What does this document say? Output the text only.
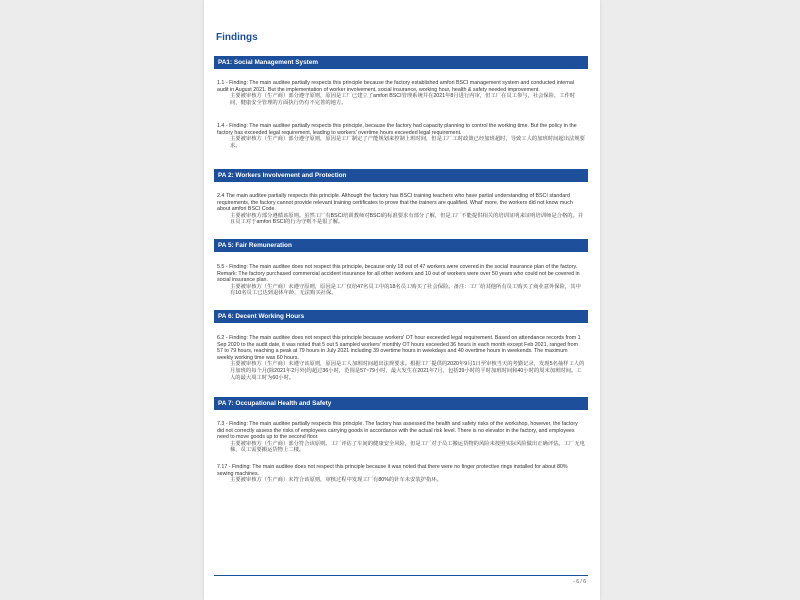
Findings
PA1: Social Management System
1.1 - Finding: The main auditee partially respects this principle because the factory established amfori BSCI management system and conducted internal audit in August 2021. But the implementation of worker involvement, social insurance, working hour, health & safety needed improvement.
主要被审核方（生产商）部分遵守原则，原因是工厂已建立了amfori BSCI管理系统并在2021年8月进行内审，但工厂在员工参与，社会保险，工作时间，健康安全管理的方面执行仍有不完善的地方。
1.4 - Finding: The main auditee partially respects this principle, because the factory had capacity planning to control the working time. But the policy in the factory has exceeded legal requirement, leading to workers' overtime hours exceeded legal requirement.
主要被审核方（生产商）部分遵守原则，原因是工厂制定了产能规划来控制上班时间，但是工厂工时政策已经加班超时，导致工人的加班时间超出法规要求。
PA 2: Workers Involvement and Protection
2.4 The main auditee partially respects this principle. Although the factory has BSCI training teachers who have partial understanding of BSCI standard requirements, the factory cannot provide relevant training certificates to prove that the trainers are qualified. What' more, the workers did not know much about amfori BSCI Code.
主要被审核方部分遵循该原则。虽然工厂有BSCI培训教师对BSCI的标准要求有部分了解，但是工厂不能提供相关的培训证明来证明培训师是合格的。并且员工对于amfori BSCI的行为守则不是很了解。
PA 5: Fair Remuneration
5.5 - Finding: The main auditee does not respect this principle, because only 18 out of 47 workers were covered in the social insurance plan of the factory. Remark: The factory purchased commercial accident insurance for all other workers and 10 out of workers were over 50 years who could not be covered in social insurance plan.
主要被审核方（生产商）未遵守原则，原因是工厂仅给47名员工中的18名员工购买了社会保险。备注：工厂给其他所有员工购买了商业意外保险，其中有10名员工已达到退休年龄，无法购买社保。
PA 6: Decent Working Hours
6.2 - Finding: The main auditee does not respect this principle because workers' OT hour exceeded legal requirement. Based on attendance records from 1 Sep 2020 to the audit date, it was noted that 5 out 5 sampled workers' monthly OT hours exceeded 36 hours in each month except Feb 2021, ranged from 57 to 79 hours, reaching a peak at 79 hours in July 2021 including 39 overtime hours in weekdays and 40 overtime hours in weekends. The maximum weekly working time was 60 hours.
主要被审核方（生产商）未遵守该原则，原因是工人加班时间超出法规要求。根据工厂提供的2020年9月1日至审核当天的考勤记录，发现5名抽样工人的月加班的每个月(除2021年2月外)均超过36小时，范围是57~79小时，最大发生在2021年7月，包括39小时的平时加班时间和40小时的周末加班时间。工人的最大周工时为60小时。
PA 7: Occupational Health and Safety
7.3 - Finding: The main auditee partially respects this principle. The factory has assessed the health and safety risks of the workshop, however, the factory did not correctly assess the risks of employees carrying goods in accordance with the actual risk level. There is no elevator in the factory, and employees need to move goods up to the second floor.
主要被审核方（生产商）部分符合该原则。工厂评估了车间的健康安全风险，但是工厂对于员工搬运货物的风险未按照实际风险做出正确评估。工厂无电梯，员工需要搬运货物上二楼。
7.17 - Finding: The main auditee does not respect this principle because it was noted that there were no finger protective rings installed for about 80% sewing machines.
主要被审核方（生产商）未符合该原则，审核过程中发现工厂有80%的针车未安装护指环。
- 6 / 6
